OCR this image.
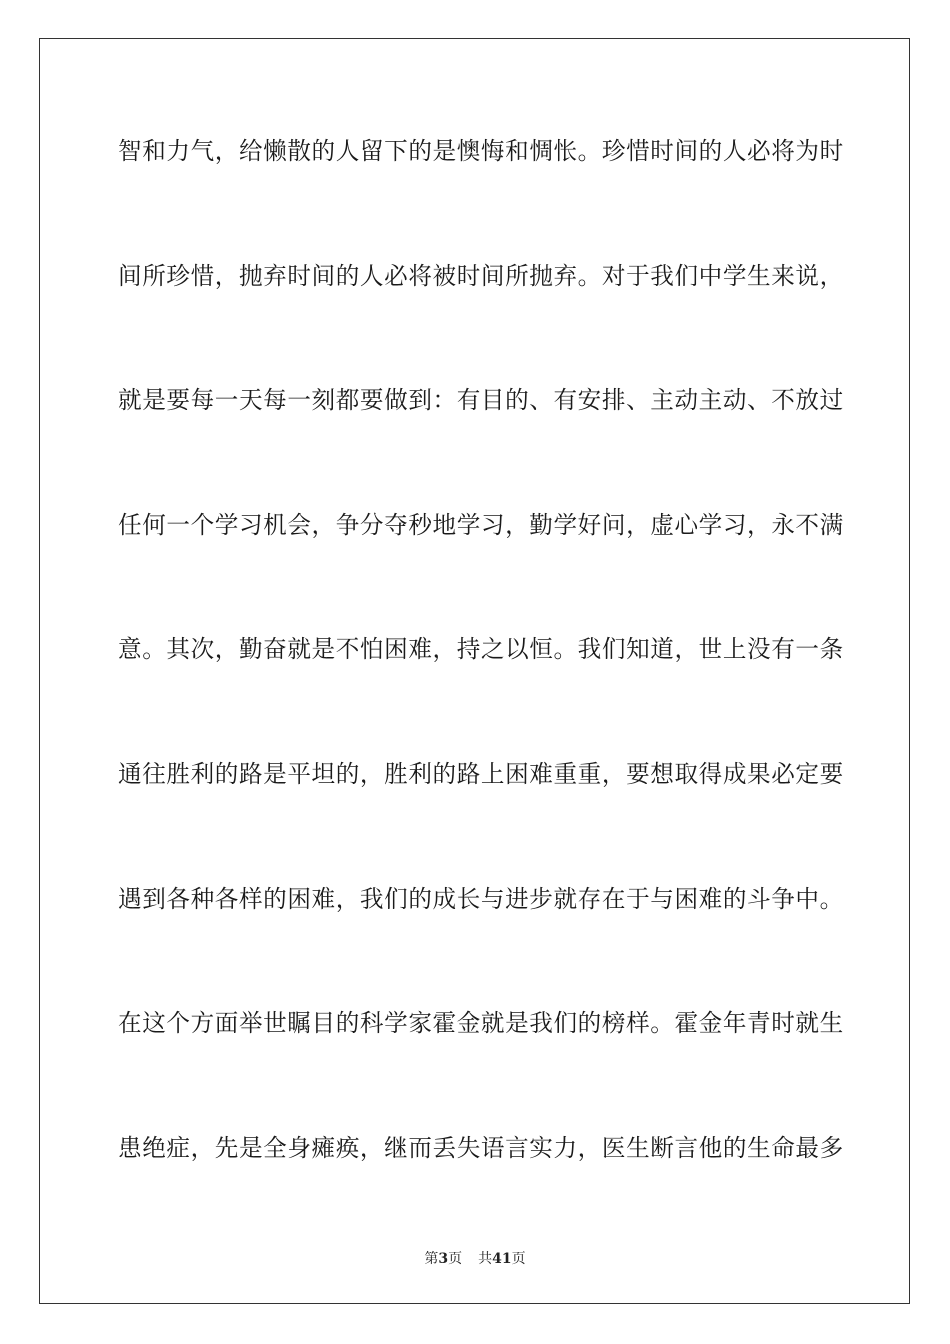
智和力气，给懒散的人留下的是懊悔和惆怅。珍惜时间的人必将为时
间所珍惜，抛弃时间的人必将被时间所抛弃。对于我们中学生来说，
就是要每一天每一刻都要做到：有目的、有安排、主动主动、不放过
任何一个学习机会，争分夺秒地学习，勤学好问，虚心学习，永不满
意。其次，勤奋就是不怕困难，持之以恒。我们知道，世上没有一条
通往胜利的路是平坦的，胜利的路上困难重重，要想取得成果必定要
遇到各种各样的困难，我们的成长与进步就存在于与困难的斗争中。
在这个方面举世瞩目的科学家霍金就是我们的榜样。霍金年青时就生
患绝症，先是全身瘫痪，继而丢失语言实力，医生断言他的生命最多
第3页 共41页
